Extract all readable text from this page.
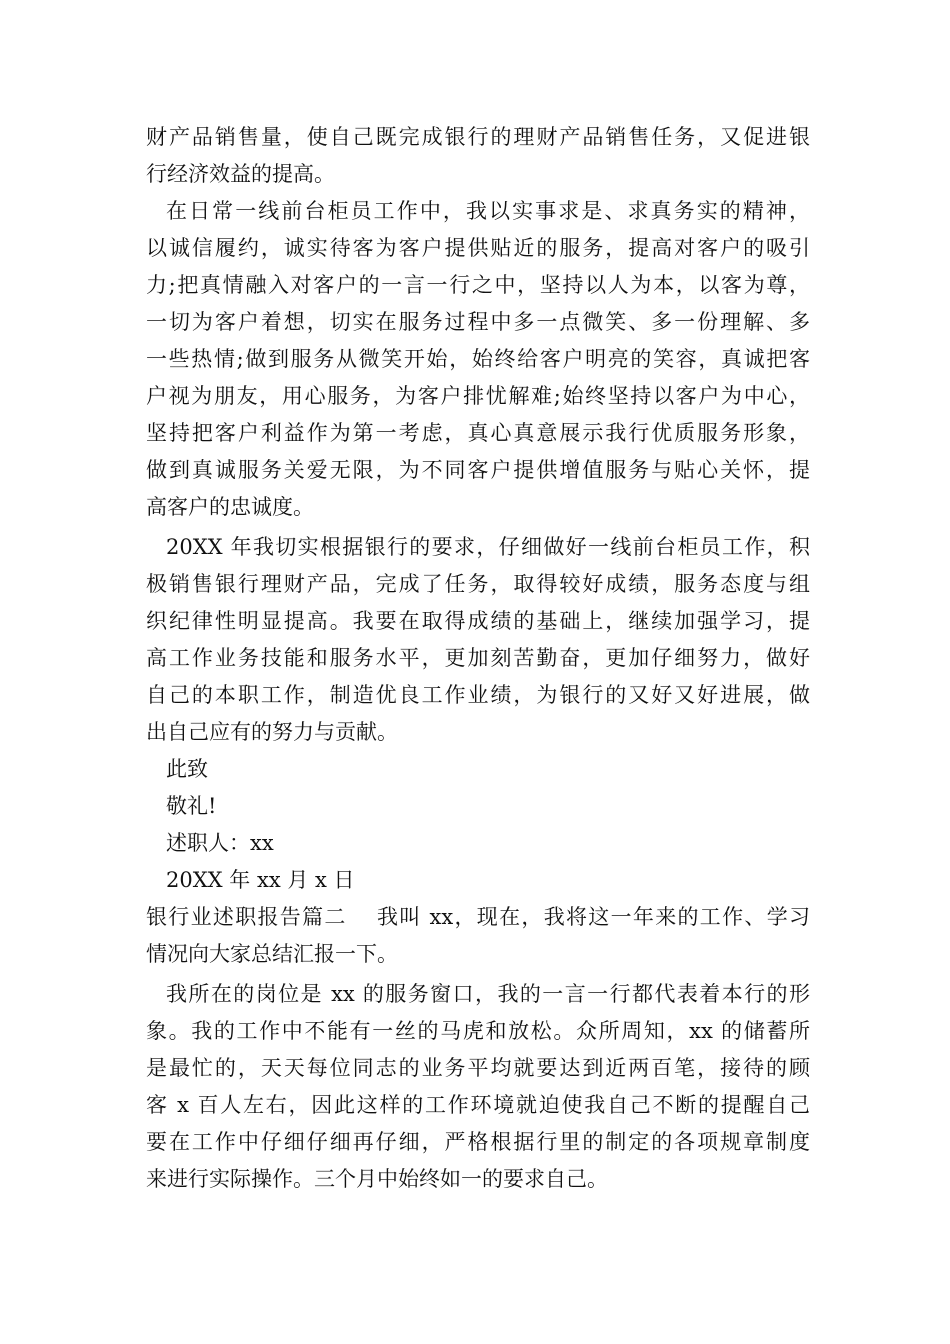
财产品销售量，使自己既完成银行的理财产品销售任务，又促进银
行经济效益的提高。
在日常一线前台柜员工作中，我以实事求是、求真务实的精神，
以诚信履约，诚实待客为客户提供贴近的服务，提高对客户的吸引
力;把真情融入对客户的一言一行之中，坚持以人为本，以客为尊，
一切为客户着想，切实在服务过程中多一点微笑、多一份理解、多
一些热情;做到服务从微笑开始，始终给客户明亮的笑容，真诚把客
户视为朋友，用心服务，为客户排忧解难;始终坚持以客户为中心，
坚持把客户利益作为第一考虑，真心真意展示我行优质服务形象，
做到真诚服务关爱无限，为不同客户提供增值服务与贴心关怀，提
高客户的忠诚度。
20XX 年我切实根据银行的要求，仔细做好一线前台柜员工作，积
极销售银行理财产品，完成了任务，取得较好成绩，服务态度与组
织纪律性明显提高。我要在取得成绩的基础上，继续加强学习，提
高工作业务技能和服务水平，更加刻苦勤奋，更加仔细努力，做好
自己的本职工作，制造优良工作业绩，为银行的又好又好进展，做
出自己应有的努力与贡献。
此致
敬礼!
述职人：xx
20XX 年 xx 月 x 日
银行业述职报告篇二　 我叫 xx，现在，我将这一年来的工作、学习
情况向大家总结汇报一下。
我所在的岗位是 xx 的服务窗口，我的一言一行都代表着本行的形
象。我的工作中不能有一丝的马虎和放松。众所周知，xx 的储蓄所
是最忙的，天天每位同志的业务平均就要达到近两百笔，接待的顾
客 x 百人左右，因此这样的工作环境就迫使我自己不断的提醒自己
要在工作中仔细仔细再仔细，严格根据行里的制定的各项规章制度
来进行实际操作。三个月中始终如一的要求自己。
